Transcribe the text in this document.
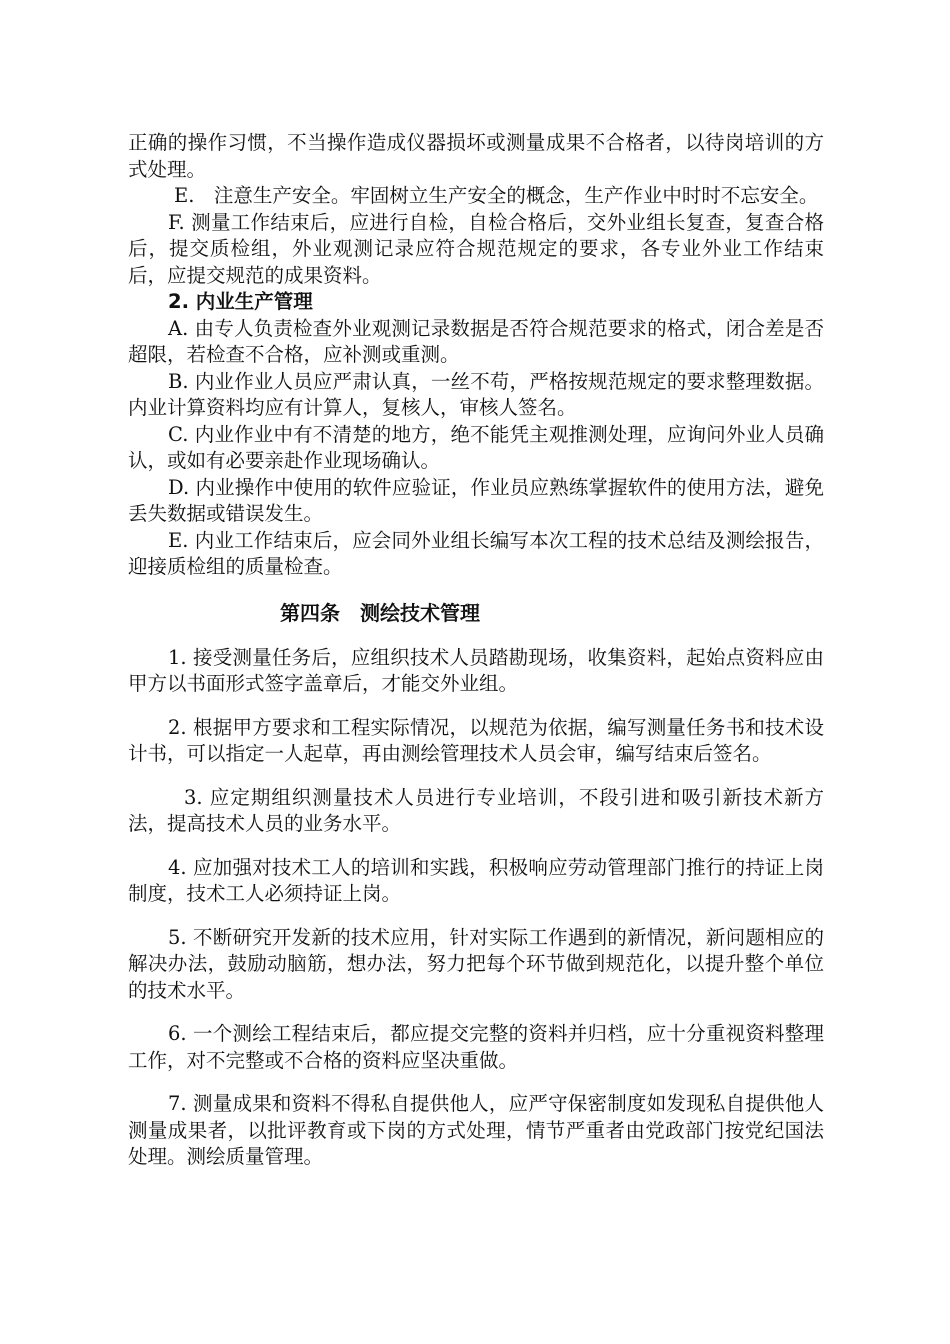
正确的操作习惯，不当操作造成仪器损坏或测量成果不合格者，以待岗培训的方式处理。

E.　注意生产安全。牢固树立生产安全的概念，生产作业中时时不忘安全。

F. 测量工作结束后，应进行自检，自检合格后，交外业组长复查，复查合格后，提交质检组，外业观测记录应符合规范规定的要求，各专业外业工作结束后，应提交规范的成果资料。

2. 内业生产管理

A. 由专人负责检查外业观测记录数据是否符合规范要求的格式，闭合差是否超限，若检查不合格，应补测或重测。

B. 内业作业人员应严肃认真，一丝不苟，严格按规范规定的要求整理数据。内业计算资料均应有计算人，复核人，审核人签名。

C. 内业作业中有不清楚的地方，绝不能凭主观推测处理，应询问外业人员确认，或如有必要亲赴作业现场确认。

D. 内业操作中使用的软件应验证，作业员应熟练掌握软件的使用方法，避免丢失数据或错误发生。

E. 内业工作结束后，应会同外业组长编写本次工程的技术总结及测绘报告，迎接质检组的质量检查。

第四条　测绘技术管理

1. 接受测量任务后，应组织技术人员踏勘现场，收集资料，起始点资料应由甲方以书面形式签字盖章后，才能交外业组。

2. 根据甲方要求和工程实际情况，以规范为依据，编写测量任务书和技术设计书，可以指定一人起草，再由测绘管理技术人员会审，编写结束后签名。

3. 应定期组织测量技术人员进行专业培训，不段引进和吸引新技术新方法，提高技术人员的业务水平。

4. 应加强对技术工人的培训和实践，积极响应劳动管理部门推行的持证上岗制度，技术工人必须持证上岗。

5. 不断研究开发新的技术应用，针对实际工作遇到的新情况，新问题相应的解决办法，鼓励动脑筋，想办法，努力把每个环节做到规范化，以提升整个单位的技术水平。

6. 一个测绘工程结束后，都应提交完整的资料并归档，应十分重视资料整理工作，对不完整或不合格的资料应坚决重做。

7. 测量成果和资料不得私自提供他人，应严守保密制度如发现私自提供他人测量成果者，以批评教育或下岗的方式处理，情节严重者由党政部门按党纪国法处理。测绘质量管理。
